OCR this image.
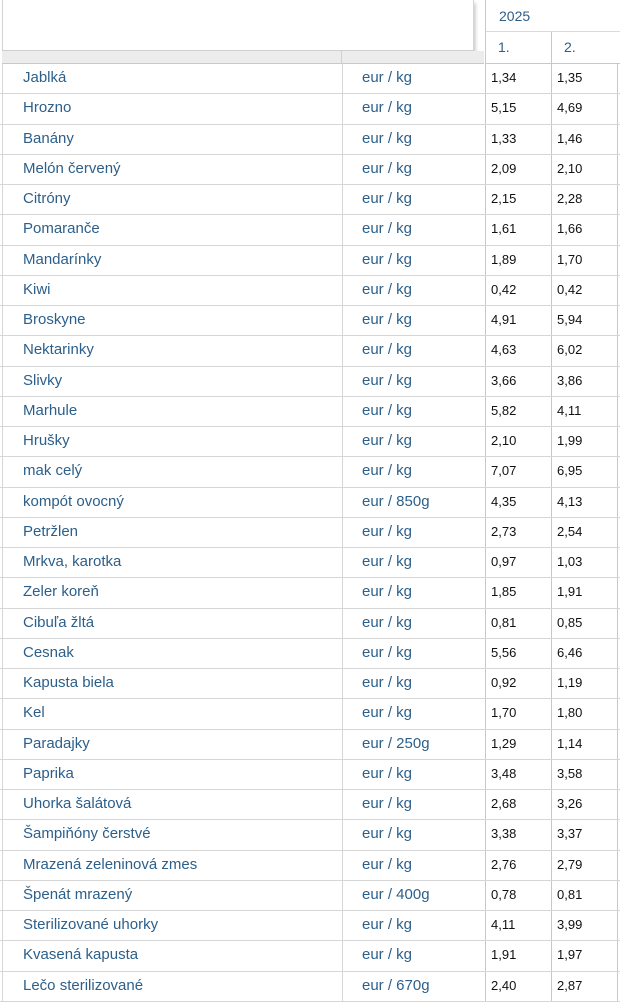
2025
1.	2.
Jablká	eur / kg	1,34	1,35
Hrozno	eur / kg	5,15	4,69
Banány	eur / kg	1,33	1,46
Melón červený	eur / kg	2,09	2,10
Citróny	eur / kg	2,15	2,28
Pomaranče	eur / kg	1,61	1,66
Mandarínky	eur / kg	1,89	1,70
Kiwi	eur / kg	0,42	0,42
Broskyne	eur / kg	4,91	5,94
Nektarinky	eur / kg	4,63	6,02
Slivky	eur / kg	3,66	3,86
Marhule	eur / kg	5,82	4,11
Hrušky	eur / kg	2,10	1,99
mak celý	eur / kg	7,07	6,95
kompót ovocný	eur / 850g	4,35	4,13
Petržlen	eur / kg	2,73	2,54
Mrkva, karotka	eur / kg	0,97	1,03
Zeler koreň	eur / kg	1,85	1,91
Cibuľa žltá	eur / kg	0,81	0,85
Cesnak	eur / kg	5,56	6,46
Kapusta biela	eur / kg	0,92	1,19
Kel	eur / kg	1,70	1,80
Paradajky	eur / 250g	1,29	1,14
Paprika	eur / kg	3,48	3,58
Uhorka šalátová	eur / kg	2,68	3,26
Šampiňóny čerstvé	eur / kg	3,38	3,37
Mrazená zeleninová zmes	eur / kg	2,76	2,79
Špenát mrazený	eur / 400g	0,78	0,81
Sterilizované uhorky	eur / kg	4,11	3,99
Kvasená kapusta	eur / kg	1,91	1,97
Lečo sterilizované	eur / 670g	2,40	2,87
